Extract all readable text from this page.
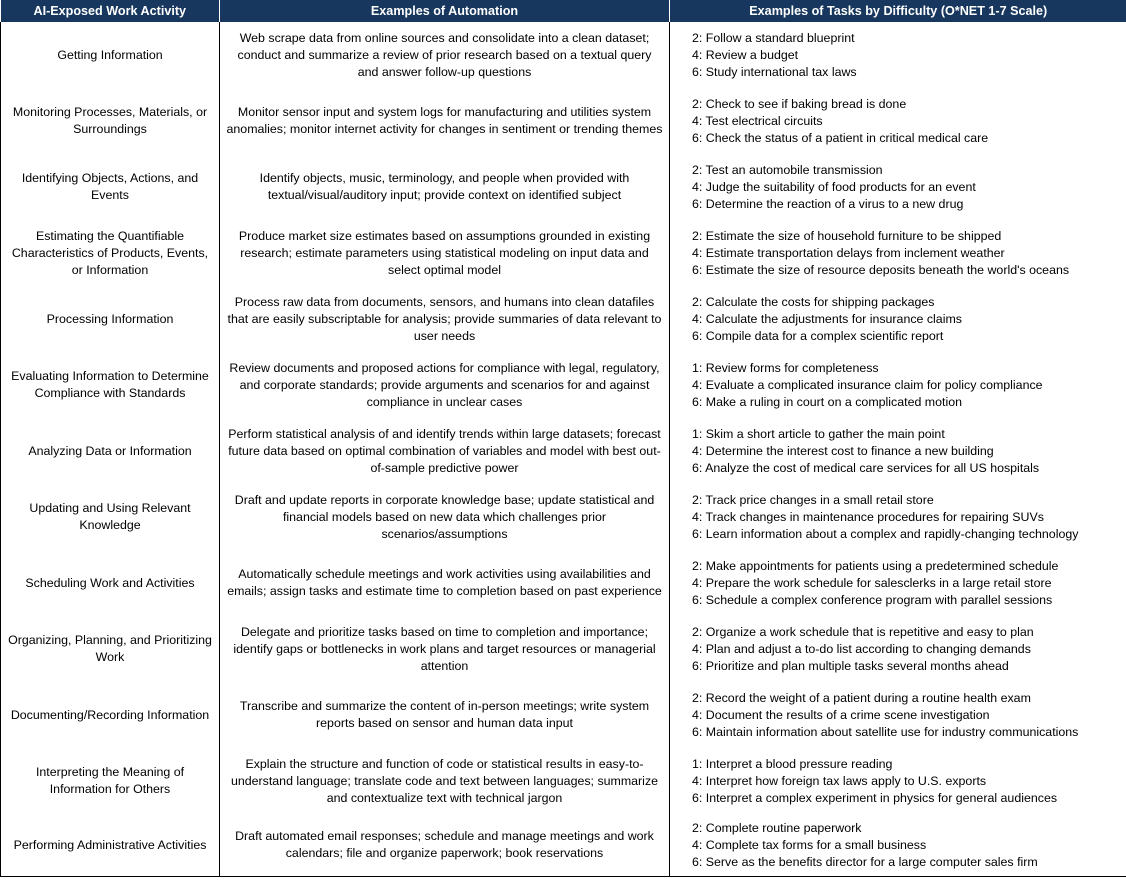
AI-Exposed Work Activity	Examples of Automation	Examples of Tasks by Difficulty (O*NET 1-7 Scale)
Getting Information	Web scrape data from online sources and consolidate into a clean dataset; conduct and summarize a review of prior research based on a textual query and answer follow-up questions	2: Follow a standard blueprint
4: Review a budget
6: Study international tax laws

Monitoring Processes, Materials, or Surroundings	Monitor sensor input and system logs for manufacturing and utilities system anomalies; monitor internet activity for changes in sentiment or trending themes	2: Check to see if baking bread is done
4: Test electrical circuits
6: Check the status of a patient in critical medical care

Identifying Objects, Actions, and Events	Identify objects, music, terminology, and people when provided with textual/visual/auditory input; provide context on identified subject	2: Test an automobile transmission
4: Judge the suitability of food products for an event
6: Determine the reaction of a virus to a new drug

Estimating the Quantifiable Characteristics of Products, Events, or Information	Produce market size estimates based on assumptions grounded in existing research; estimate parameters using statistical modeling on input data and select optimal model	2: Estimate the size of household furniture to be shipped
4: Estimate transportation delays from inclement weather
6: Estimate the size of resource deposits beneath the world's oceans

Processing Information	Process raw data from documents, sensors, and humans into clean datafiles that are easily subscriptable for analysis; provide summaries of data relevant to user needs	2: Calculate the costs for shipping packages
4: Calculate the adjustments for insurance claims
6: Compile data for a complex scientific report

Evaluating Information to Determine Compliance with Standards	Review documents and proposed actions for compliance with legal, regulatory, and corporate standards; provide arguments and scenarios for and against compliance in unclear cases	1: Review forms for completeness
4: Evaluate a complicated insurance claim for policy compliance
6: Make a ruling in court on a complicated motion

Analyzing Data or Information	Perform statistical analysis of and identify trends within large datasets; forecast future data based on optimal combination of variables and model with best out-of-sample predictive power	1: Skim a short article to gather the main point
4: Determine the interest cost to finance a new building
6: Analyze the cost of medical care services for all US hospitals

Updating and Using Relevant Knowledge	Draft and update reports in corporate knowledge base; update statistical and financial models based on new data which challenges prior scenarios/assumptions	2: Track price changes in a small retail store
4: Track changes in maintenance procedures for repairing SUVs
6: Learn information about a complex and rapidly-changing technology

Scheduling Work and Activities	Automatically schedule meetings and work activities using availabilities and emails; assign tasks and estimate time to completion based on past experience	2: Make appointments for patients using a predetermined schedule
4: Prepare the work schedule for salesclerks in a large retail store
6: Schedule a complex conference program with parallel sessions

Organizing, Planning, and Prioritizing Work	Delegate and prioritize tasks based on time to completion and importance; identify gaps or bottlenecks in work plans and target resources or managerial attention	2: Organize a work schedule that is repetitive and easy to plan
4: Plan and adjust a to-do list according to changing demands
6: Prioritize and plan multiple tasks several months ahead

Documenting/Recording Information	Transcribe and summarize the content of in-person meetings; write system reports based on sensor and human data input	2: Record the weight of a patient during a routine health exam
4: Document the results of a crime scene investigation
6: Maintain information about satellite use for industry communications

Interpreting the Meaning of Information for Others	Explain the structure and function of code or statistical results in easy-to-understand language; translate code and text between languages; summarize and contextualize text with technical jargon	1: Interpret a blood pressure reading
4: Interpret how foreign tax laws apply to U.S. exports
6: Interpret a complex experiment in physics for general audiences

Performing Administrative Activities	Draft automated email responses; schedule and manage meetings and work calendars; file and organize paperwork; book reservations	2: Complete routine paperwork
4: Complete tax forms for a small business
6: Serve as the benefits director for a large computer sales firm
